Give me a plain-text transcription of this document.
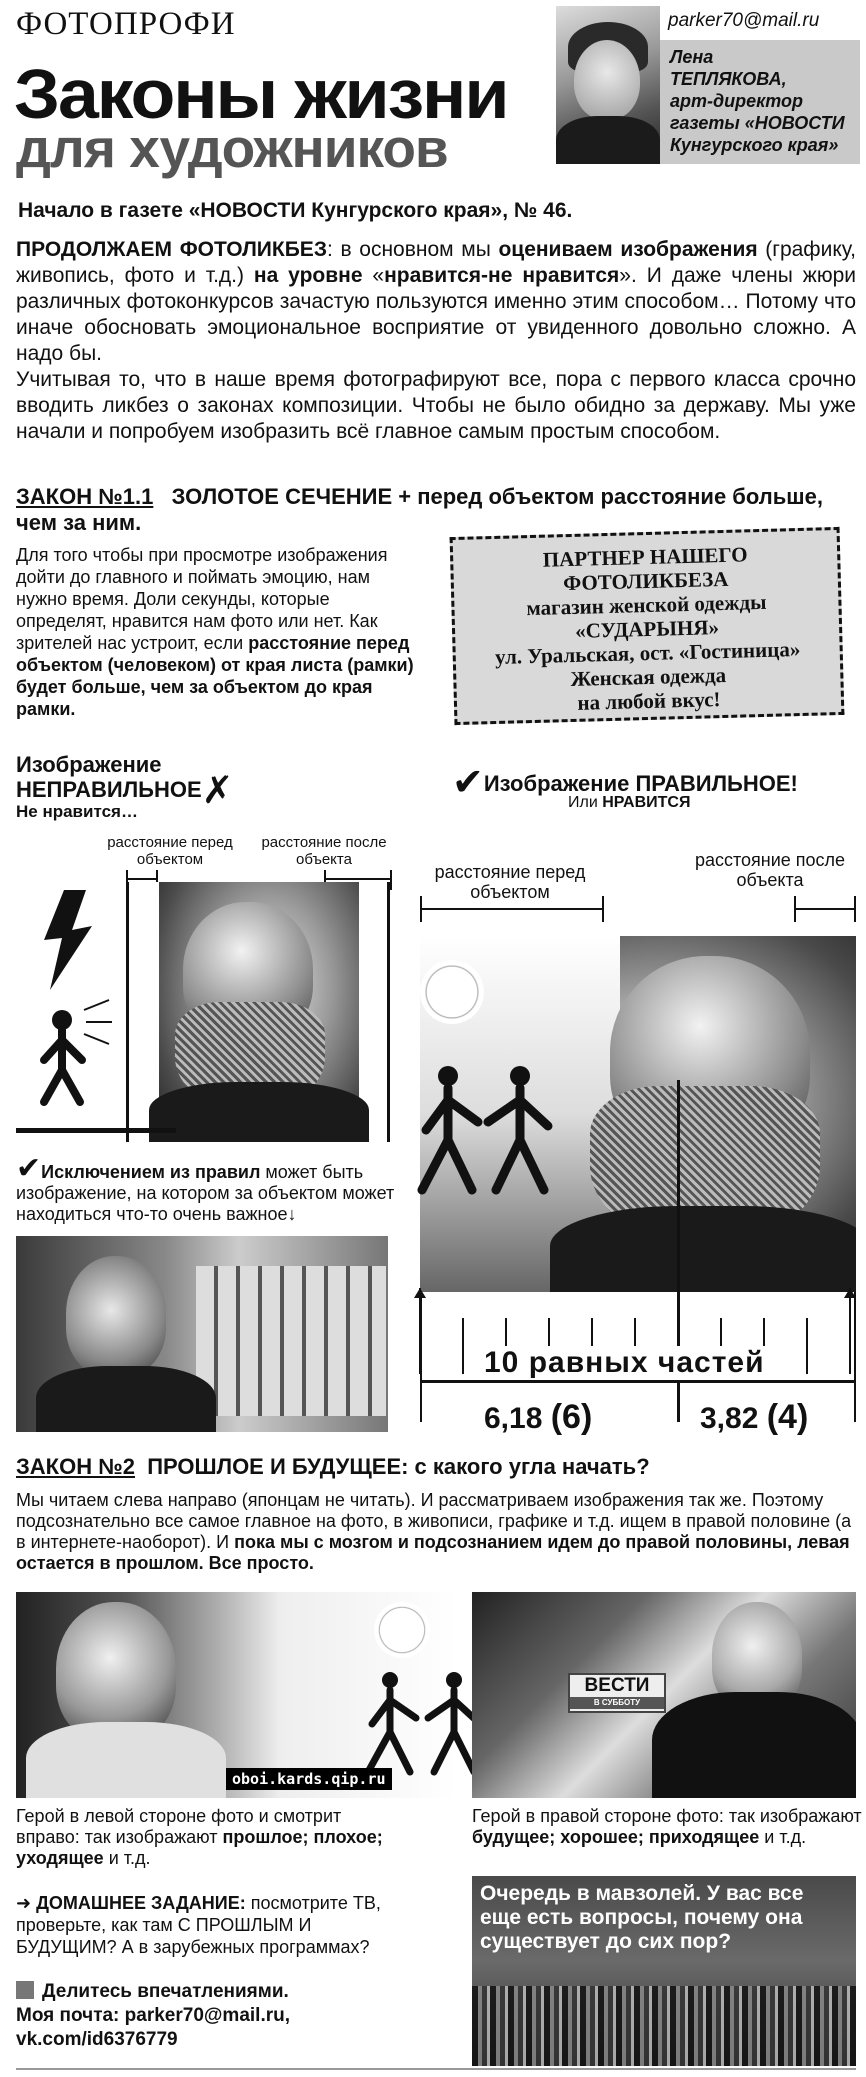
ФОТОПРОФИ
Законы жизни
для художников
parker70@mail.ru
Лена
ТЕПЛЯКОВА,
арт-директор
газеты «НОВОСТИ
Кунгурского края»
Начало в газете «НОВОСТИ Кунгурского края», № 46.

ПРОДОЛЖАЕМ ФОТОЛИКБЕЗ: в основном мы оцениваем изображения (графику, живопись, фото и т.д.) на уровне «нравится-не нравится». И даже члены жюри различных фотоконкурсов зачастую пользуются именно этим способом… Потому что иначе обосновать эмоциональное восприятие от увиденного довольно сложно. А надо бы.

Учитывая то, что в наше время фотографируют все, пора с первого класса срочно вводить ликбез о законах композиции. Чтобы не было обидно за державу. Мы уже начали и попробуем изобразить всё главное самым простым способом.

ЗАКОН №1.1 ЗОЛОТОЕ СЕЧЕНИЕ + перед объектом расстояние больше, чем за ним.
Для того чтобы при просмотре изображения дойти до главного и поймать эмоцию, нам нужно время. Доли секунды, которые определят, нравится нам фото или нет. Как зрителей нас устроит, если расстояние перед объектом (человеком) от края листа (рамки) будет больше, чем за объектом до края рамки.
ПАРТНЕР НАШЕГО
ФОТОЛИКБЕЗА
магазин женской одежды
«СУДАРЫНЯ»
ул. Уральская, ост. «Гостиница»
Женская одежда
на любой вкус!
Изображение
НЕПРАВИЛЬНОЕ✗
Не нравится…
расстояние перед объектом
расстояние после объекта
✔Изображение ПРАВИЛЬНОЕ!
Или НРАВИТСЯ
расстояние перед объектом
расстояние после объекта
10 равных частей
6,18 (6)	3,82 (4)
✔Исключением из правил может быть изображение, на котором за объектом может находиться что-то очень важное↓
ЗАКОН №2 ПРОШЛОЕ И БУДУЩЕЕ: с какого угла начать?
Мы читаем слева направо (японцам не читать). И рассматриваем изображения так же. Поэтому подсознательно все самое главное на фото, в живописи, графике и т.д. ищем в правой половине (а в интернете-наоборот). И пока мы с мозгом и подсознанием идем до правой половины, левая остается в прошлом. Все просто.
oboi.kards.qip.ru
ВЕСТИ
В СУББОТУ
Герой в левой стороне фото и смотрит вправо: так изображают прошлое; плохое; уходящее и т.д.
Герой в правой стороне фото: так изображают будущее; хорошее; приходящее и т.д.
➜ ДОМАШНЕЕ ЗАДАНИЕ: посмотрите ТВ, проверьте, как там С ПРОШЛЫМ И БУДУЩИМ? А в зарубежных программах?
Делитесь впечатлениями.
Моя почта: parker70@mail.ru,
vk.com/id6376779
Очередь в мавзолей. У вас все еще есть вопросы, почему она существует до сих пор?
